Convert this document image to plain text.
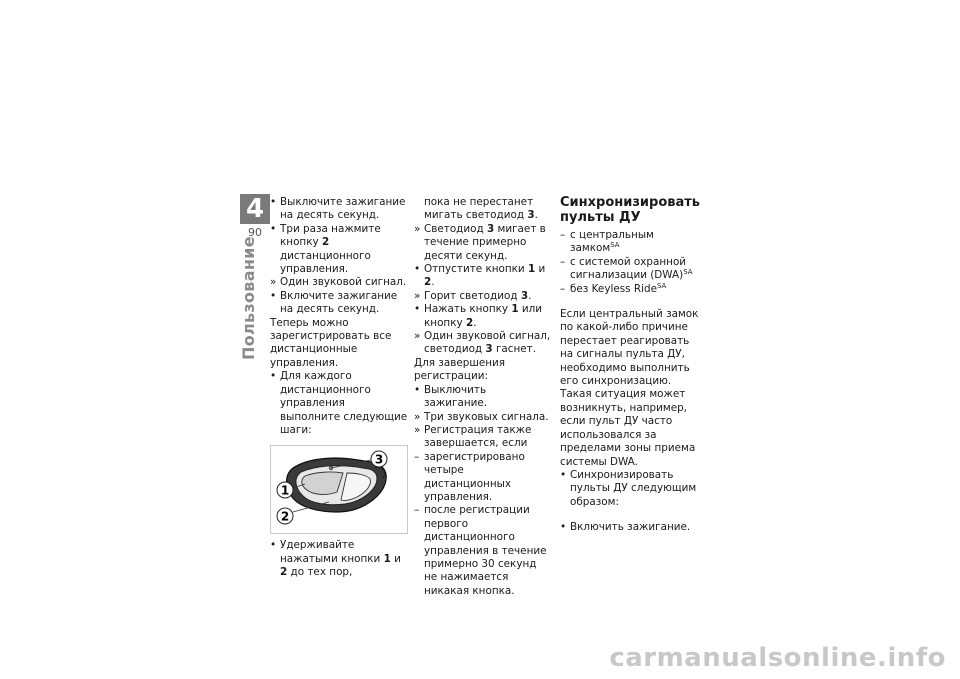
4
90
Пользование
• Выключите зажигание на десять секунд.
• Три раза нажмите кнопку 2 дистанционного управления.
» Один звуковой сигнал.
• Включите зажигание на десять секунд.
Теперь можно зарегистрировать все дистанционные управления.
• Для каждого дистанционного управления выполните следующие шаги:
3
1
2
• Удерживайте нажатыми кнопки 1 и 2 до тех пор,
пока не перестанет мигать светодиод 3.
» Светодиод 3 мигает в течение примерно десяти секунд.
• Отпустите кнопки 1 и 2.
» Горит светодиод 3.
• Нажать кнопку 1 или кнопку 2.
» Один звуковой сигнал, светодиод 3 гаснет.
Для завершения регистрации:
• Выключить зажигание.
» Три звуковых сигнала.
» Регистрация также завершается, если
– зарегистрировано четыре дистанционных управления.
– после регистрации первого дистанционного управления в течение примерно 30 секунд не нажимается никакая кнопка.
Синхронизировать пульты ДУ
– с центральным замком$^{SA}$
– с системой охранной сигнализации (DWA)$^{SA}$
– без Keyless Ride$^{SA}$
Если центральный замок по какой-либо причине перестает реагировать на сигналы пульта ДУ, необходимо выполнить его синхронизацию. Такая ситуация может возникнуть, например, если пульт ДУ часто использовался за пределами зоны приема системы DWA.
• Синхронизировать пульты ДУ следующим образом:
• Включить зажигание.
carmanualsonline.info
